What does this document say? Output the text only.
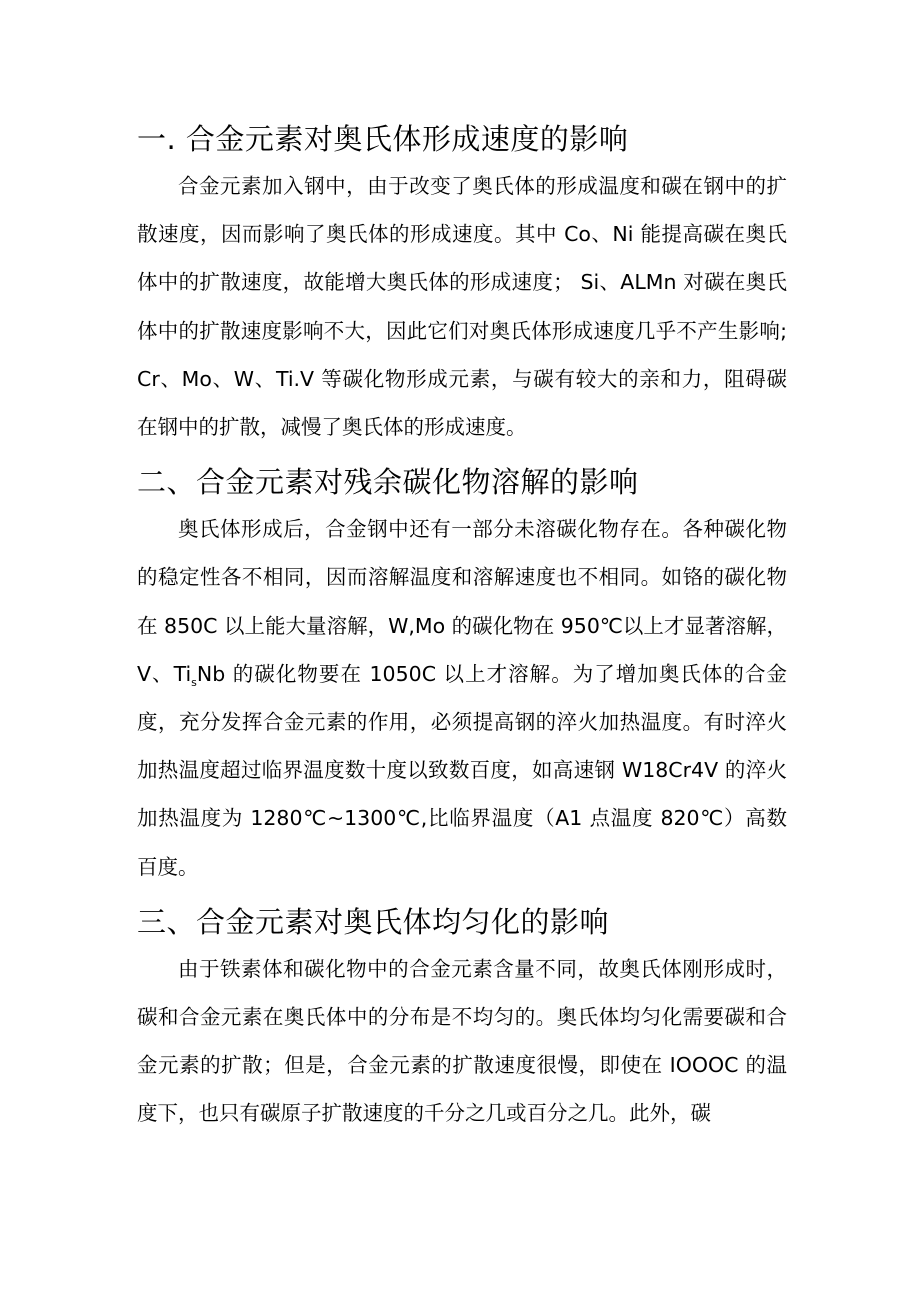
一. 合金元素对奥氏体形成速度的影响

合金元素加入钢中，由于改变了奥氏体的形成温度和碳在钢中的扩散速度，因而影响了奥氏体的形成速度。其中 Co、Ni 能提高碳在奥氏体中的扩散速度，故能增大奥氏体的形成速度； Si、ALMn 对碳在奥氏体中的扩散速度影响不大，因此它们对奥氏体形成速度几乎不产生影响; Cr、Mo、W、Ti.V 等碳化物形成元素，与碳有较大的亲和力，阻碍碳在钢中的扩散，减慢了奥氏体的形成速度。

二、合金元素对残余碳化物溶解的影响

奥氏体形成后，合金钢中还有一部分未溶碳化物存在。各种碳化物的稳定性各不相同，因而溶解温度和溶解速度也不相同。如铬的碳化物在 850C 以上能大量溶解，W,Mo 的碳化物在 950℃以上才显著溶解，V、$Ti_sNb$ 的碳化物要在 1050C 以上才溶解。为了增加奥氏体的合金度，充分发挥合金元素的作用，必须提高钢的淬火加热温度。有时淬火加热温度超过临界温度数十度以致数百度，如高速钢 W18Cr4V 的淬火加热温度为 1280℃~1300℃,比临界温度（A1 点温度 820℃）高数百度。

三、合金元素对奥氏体均匀化的影响

由于铁素体和碳化物中的合金元素含量不同，故奥氏体刚形成时，碳和合金元素在奥氏体中的分布是不均匀的。奥氏体均匀化需要碳和合金元素的扩散；但是，合金元素的扩散速度很慢，即使在 IOOOC 的温度下，也只有碳原子扩散速度的千分之几或百分之几。此外，碳
